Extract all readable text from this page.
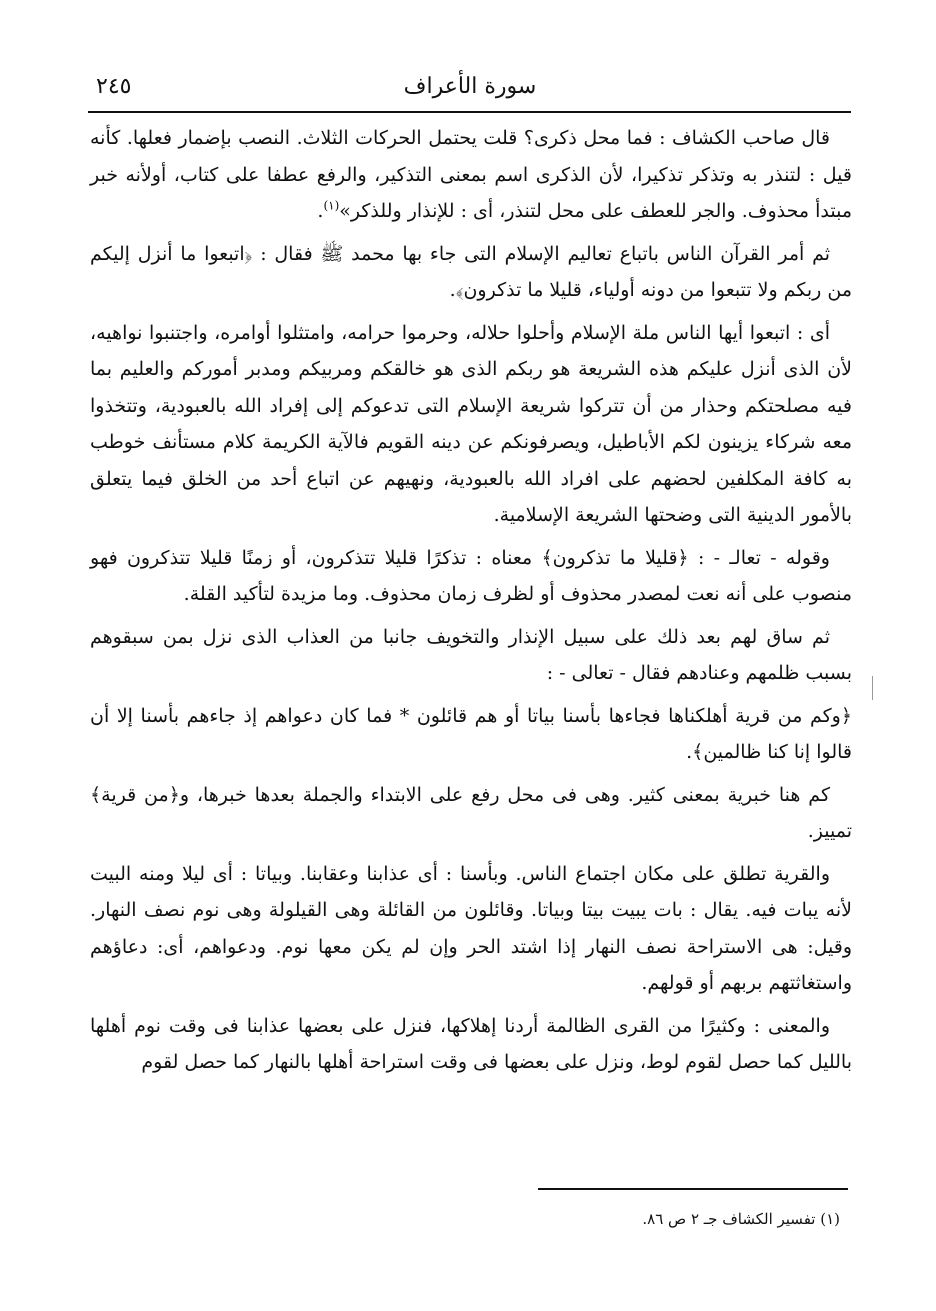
سورة الأعراف
٢٤٥

قال صاحب الكشاف : فما محل ذكرى؟ قلت يحتمل الحركات الثلاث. النصب بإضمار فعلها. كأنه قيل : لتنذر به وتذكر تذكيرا، لأن الذكرى اسم بمعنى التذكير، والرفع عطفا على كتاب، أولأنه خبر مبتدأ محذوف. والجر للعطف على محل لتنذر، أى : للإنذار وللذكر»$^{(١)}$.

ثم أمر القرآن الناس باتباع تعاليم الإسلام التى جاء بها محمد ﷺ فقال : ﴿اتبعوا ما أنزل إليكم من ربكم ولا تتبعوا من دونه أولياء، قليلا ما تذكرون﴾.

أى : اتبعوا أيها الناس ملة الإسلام وأحلوا حلاله، وحرموا حرامه، وامتثلوا أوامره، واجتنبوا نواهيه، لأن الذى أنزل عليكم هذه الشريعة هو ربكم الذى هو خالقكم ومربيكم ومدبر أموركم والعليم بما فيه مصلحتكم وحذار من أن تتركوا شريعة الإسلام التى تدعوكم إلى إفراد الله بالعبودية، وتتخذوا معه شركاء يزينون لكم الأباطيل، ويصرفونكم عن دينه القويم فالآية الكريمة كلام مستأنف خوطب به كافة المكلفين لحضهم على افراد الله بالعبودية، ونهيهم عن اتباع أحد من الخلق فيما يتعلق بالأمور الدينية التى وضحتها الشريعة الإسلامية.

وقوله - تعالـ - : ﴿قليلا ما تذكرون﴾ معناه : تذكرًا قليلا تتذكرون، أو زمنًا قليلا تتذكرون فهو منصوب على أنه نعت لمصدر محذوف أو لظرف زمان محذوف. وما مزيدة لتأكيد القلة.

ثم ساق لهم بعد ذلك على سبيل الإنذار والتخويف جانبا من العذاب الذى نزل بمن سبقوهم بسبب ظلمهم وعنادهم فقال - تعالى - :

﴿وكم من قرية أهلكناها فجاءها بأسنا بياتا أو هم قائلون * فما كان دعواهم إذ جاءهم بأسنا إلا أن قالوا إنا كنا ظالمين﴾.

كم هنا خبرية بمعنى كثير. وهى فى محل رفع على الابتداء والجملة بعدها خبرها، و﴿من قرية﴾ تمييز.

والقرية تطلق على مكان اجتماع الناس. وبأسنا : أى عذابنا وعقابنا. وبياتا : أى ليلا ومنه البيت لأنه يبات فيه. يقال : بات يبيت بيتا وبياتا. وقائلون من القائلة وهى القيلولة وهى نوم نصف النهار. وقيل: هى الاستراحة نصف النهار إذا اشتد الحر وإن لم يكن معها نوم. ودعواهم، أى: دعاؤهم واستغاثتهم بربهم أو قولهم.

والمعنى : وكثيرًا من القرى الظالمة أردنا إهلاكها، فنزل على بعضها عذابنا فى وقت نوم أهلها بالليل كما حصل لقوم لوط، ونزل على بعضها فى وقت استراحة أهلها بالنهار كما حصل لقوم

(١) تفسير الكشاف جـ ٢ ص ٨٦.
